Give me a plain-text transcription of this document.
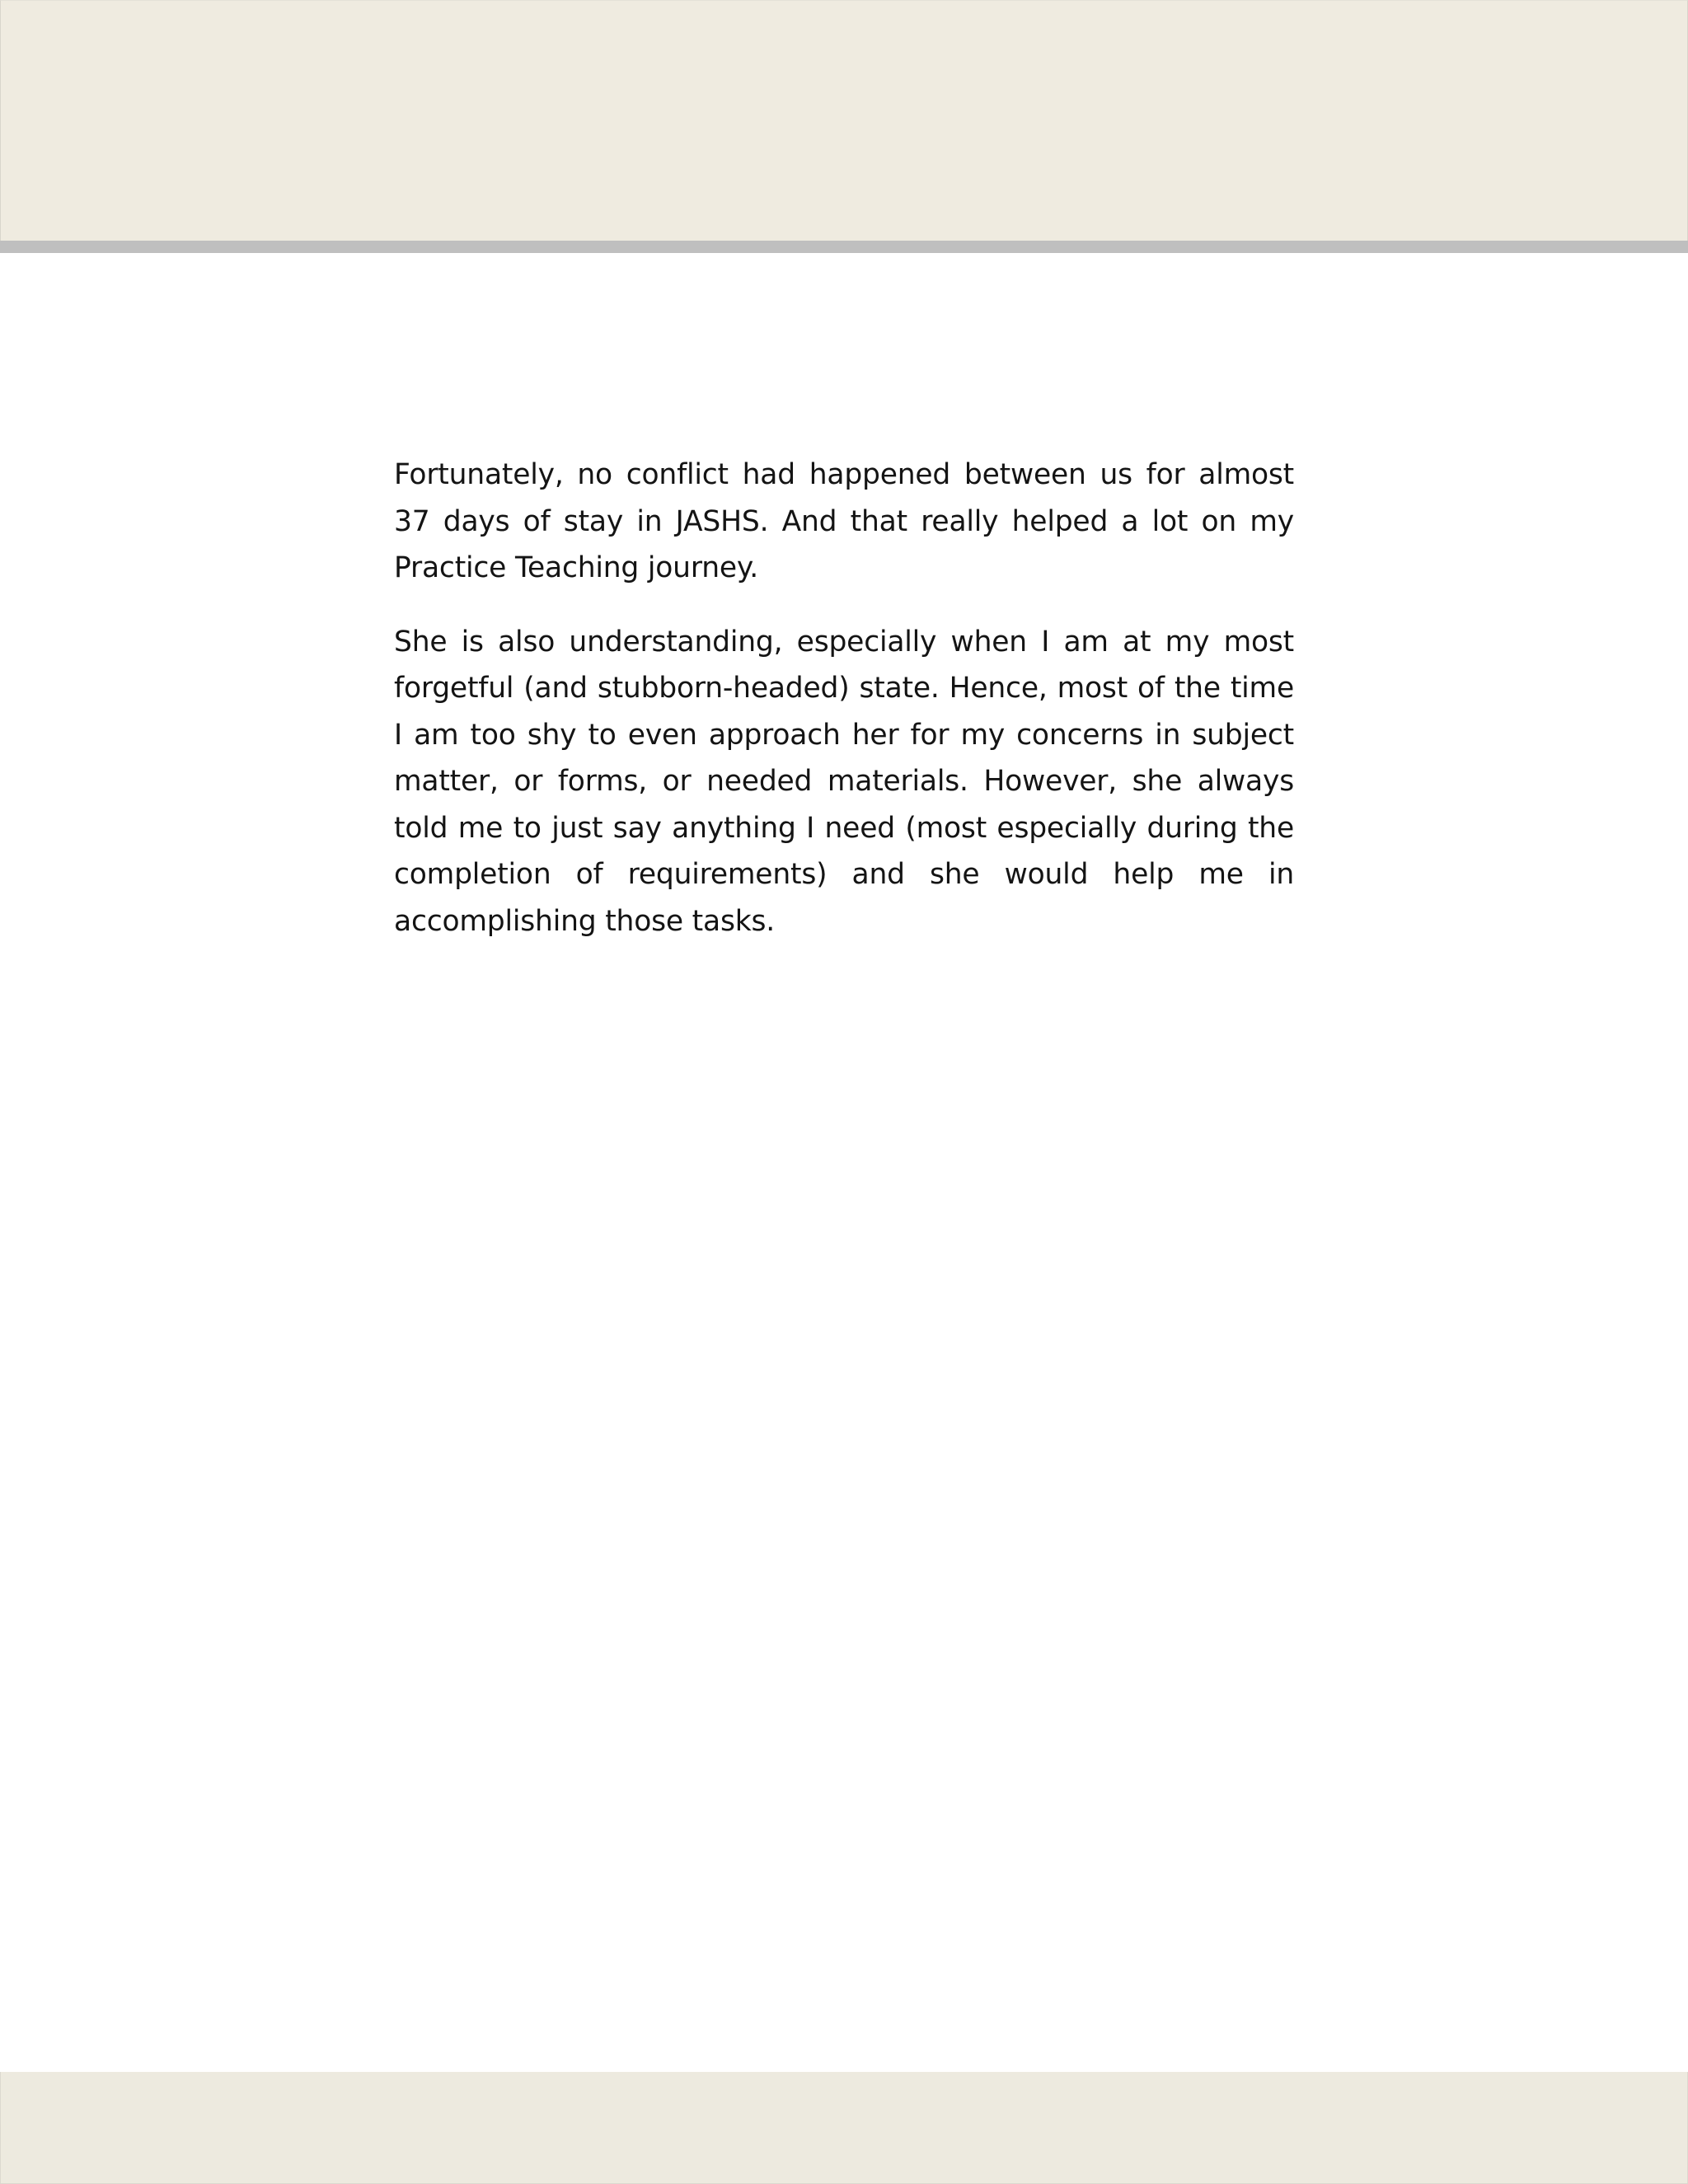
Fortunately, no conflict had happened between us for almost 37 days of stay in JASHS. And that really helped a lot on my Practice Teaching journey.

She is also understanding, especially when I am at my most forgetful (and stubborn-headed) state. Hence, most of the time I am too shy to even approach her for my concerns in subject matter, or forms, or needed materials. However, she always told me to just say anything I need (most especially during the completion of requirements) and she would help me in accomplishing those tasks.
